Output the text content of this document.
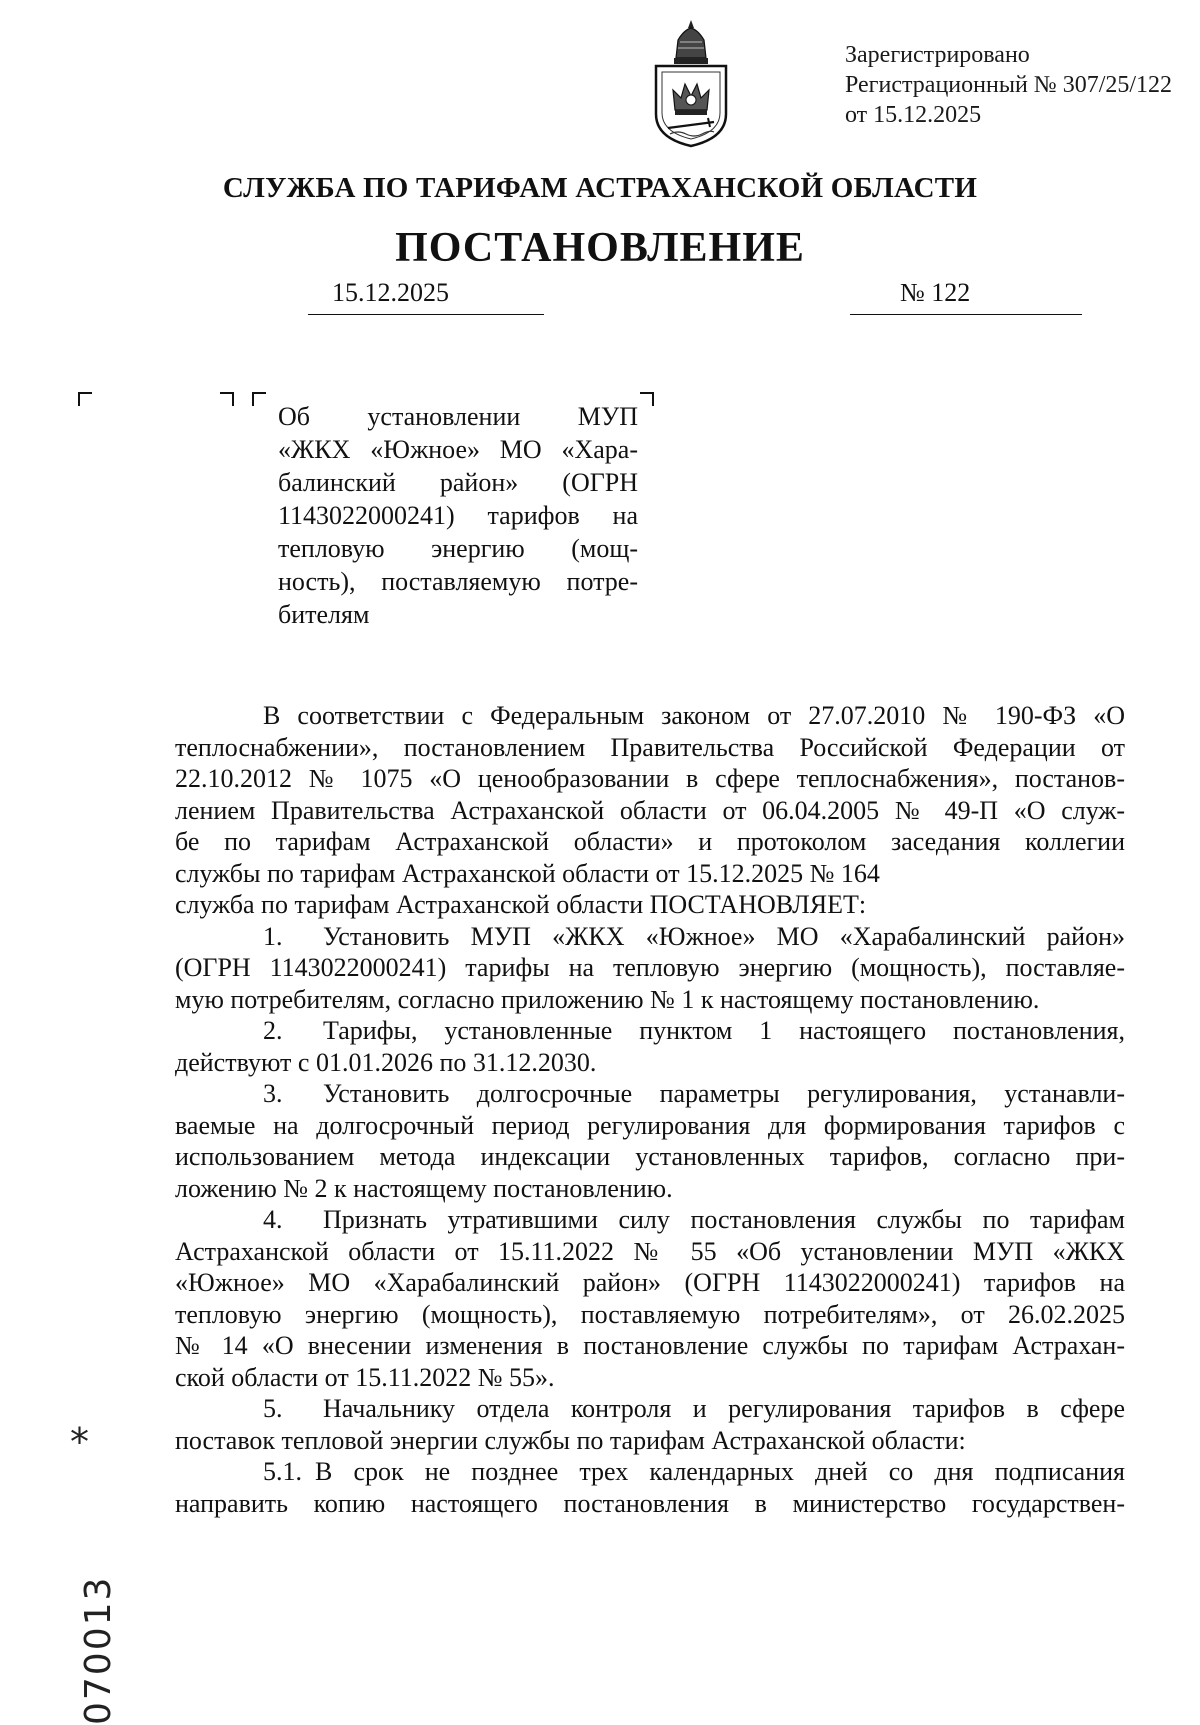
Зарегистрировано
Регистрационный № 307/25/122
от 15.12.2025
СЛУЖБА ПО ТАРИФАМ АСТРАХАНСКОЙ ОБЛАСТИ
ПОСТАНОВЛЕНИЕ
15.12.2025	№ 122
Об установлении МУП
«ЖКХ «Южное» МО «Хара-
балинский район» (ОГРН
1143022000241) тарифов на
тепловую энергию (мощ-
ность), поставляемую потре-
бителям
В соответствии с Федеральным законом от 27.07.2010 № 190-ФЗ «О
теплоснабжении», постановлением Правительства Российской Федерации от
22.10.2012 № 1075 «О ценообразовании в сфере теплоснабжения», постанов-
лением Правительства Астраханской области от 06.04.2005 № 49-П «О служ-
бе по тарифам Астраханской области» и протоколом заседания коллегии
службы по тарифам Астраханской области от 15.12.2025 № 164
служба по тарифам Астраханской области ПОСТАНОВЛЯЕТ:
1. Установить МУП «ЖКХ «Южное» МО «Харабалинский район»
(ОГРН 1143022000241) тарифы на тепловую энергию (мощность), поставляе-
мую потребителям, согласно приложению № 1 к настоящему постановлению.
2. Тарифы, установленные пунктом 1 настоящего постановления,
действуют с 01.01.2026 по 31.12.2030.
3. Установить долгосрочные параметры регулирования, устанавли-
ваемые на долгосрочный период регулирования для формирования тарифов с
использованием метода индексации установленных тарифов, согласно при-
ложению № 2 к настоящему постановлению.
4. Признать утратившими силу постановления службы по тарифам
Астраханской области от 15.11.2022 № 55 «Об установлении МУП «ЖКХ
«Южное» МО «Харабалинский район» (ОГРН 1143022000241) тарифов на
тепловую энергию (мощность), поставляемую потребителям», от 26.02.2025
№ 14 «О внесении изменения в постановление службы по тарифам Астрахан-
ской области от 15.11.2022 № 55».
5. Начальнику отдела контроля и регулирования тарифов в сфере
поставок тепловой энергии службы по тарифам Астраханской области:
5.1. В срок не позднее трех календарных дней со дня подписания
направить копию настоящего постановления в министерство государствен-
*
070013
